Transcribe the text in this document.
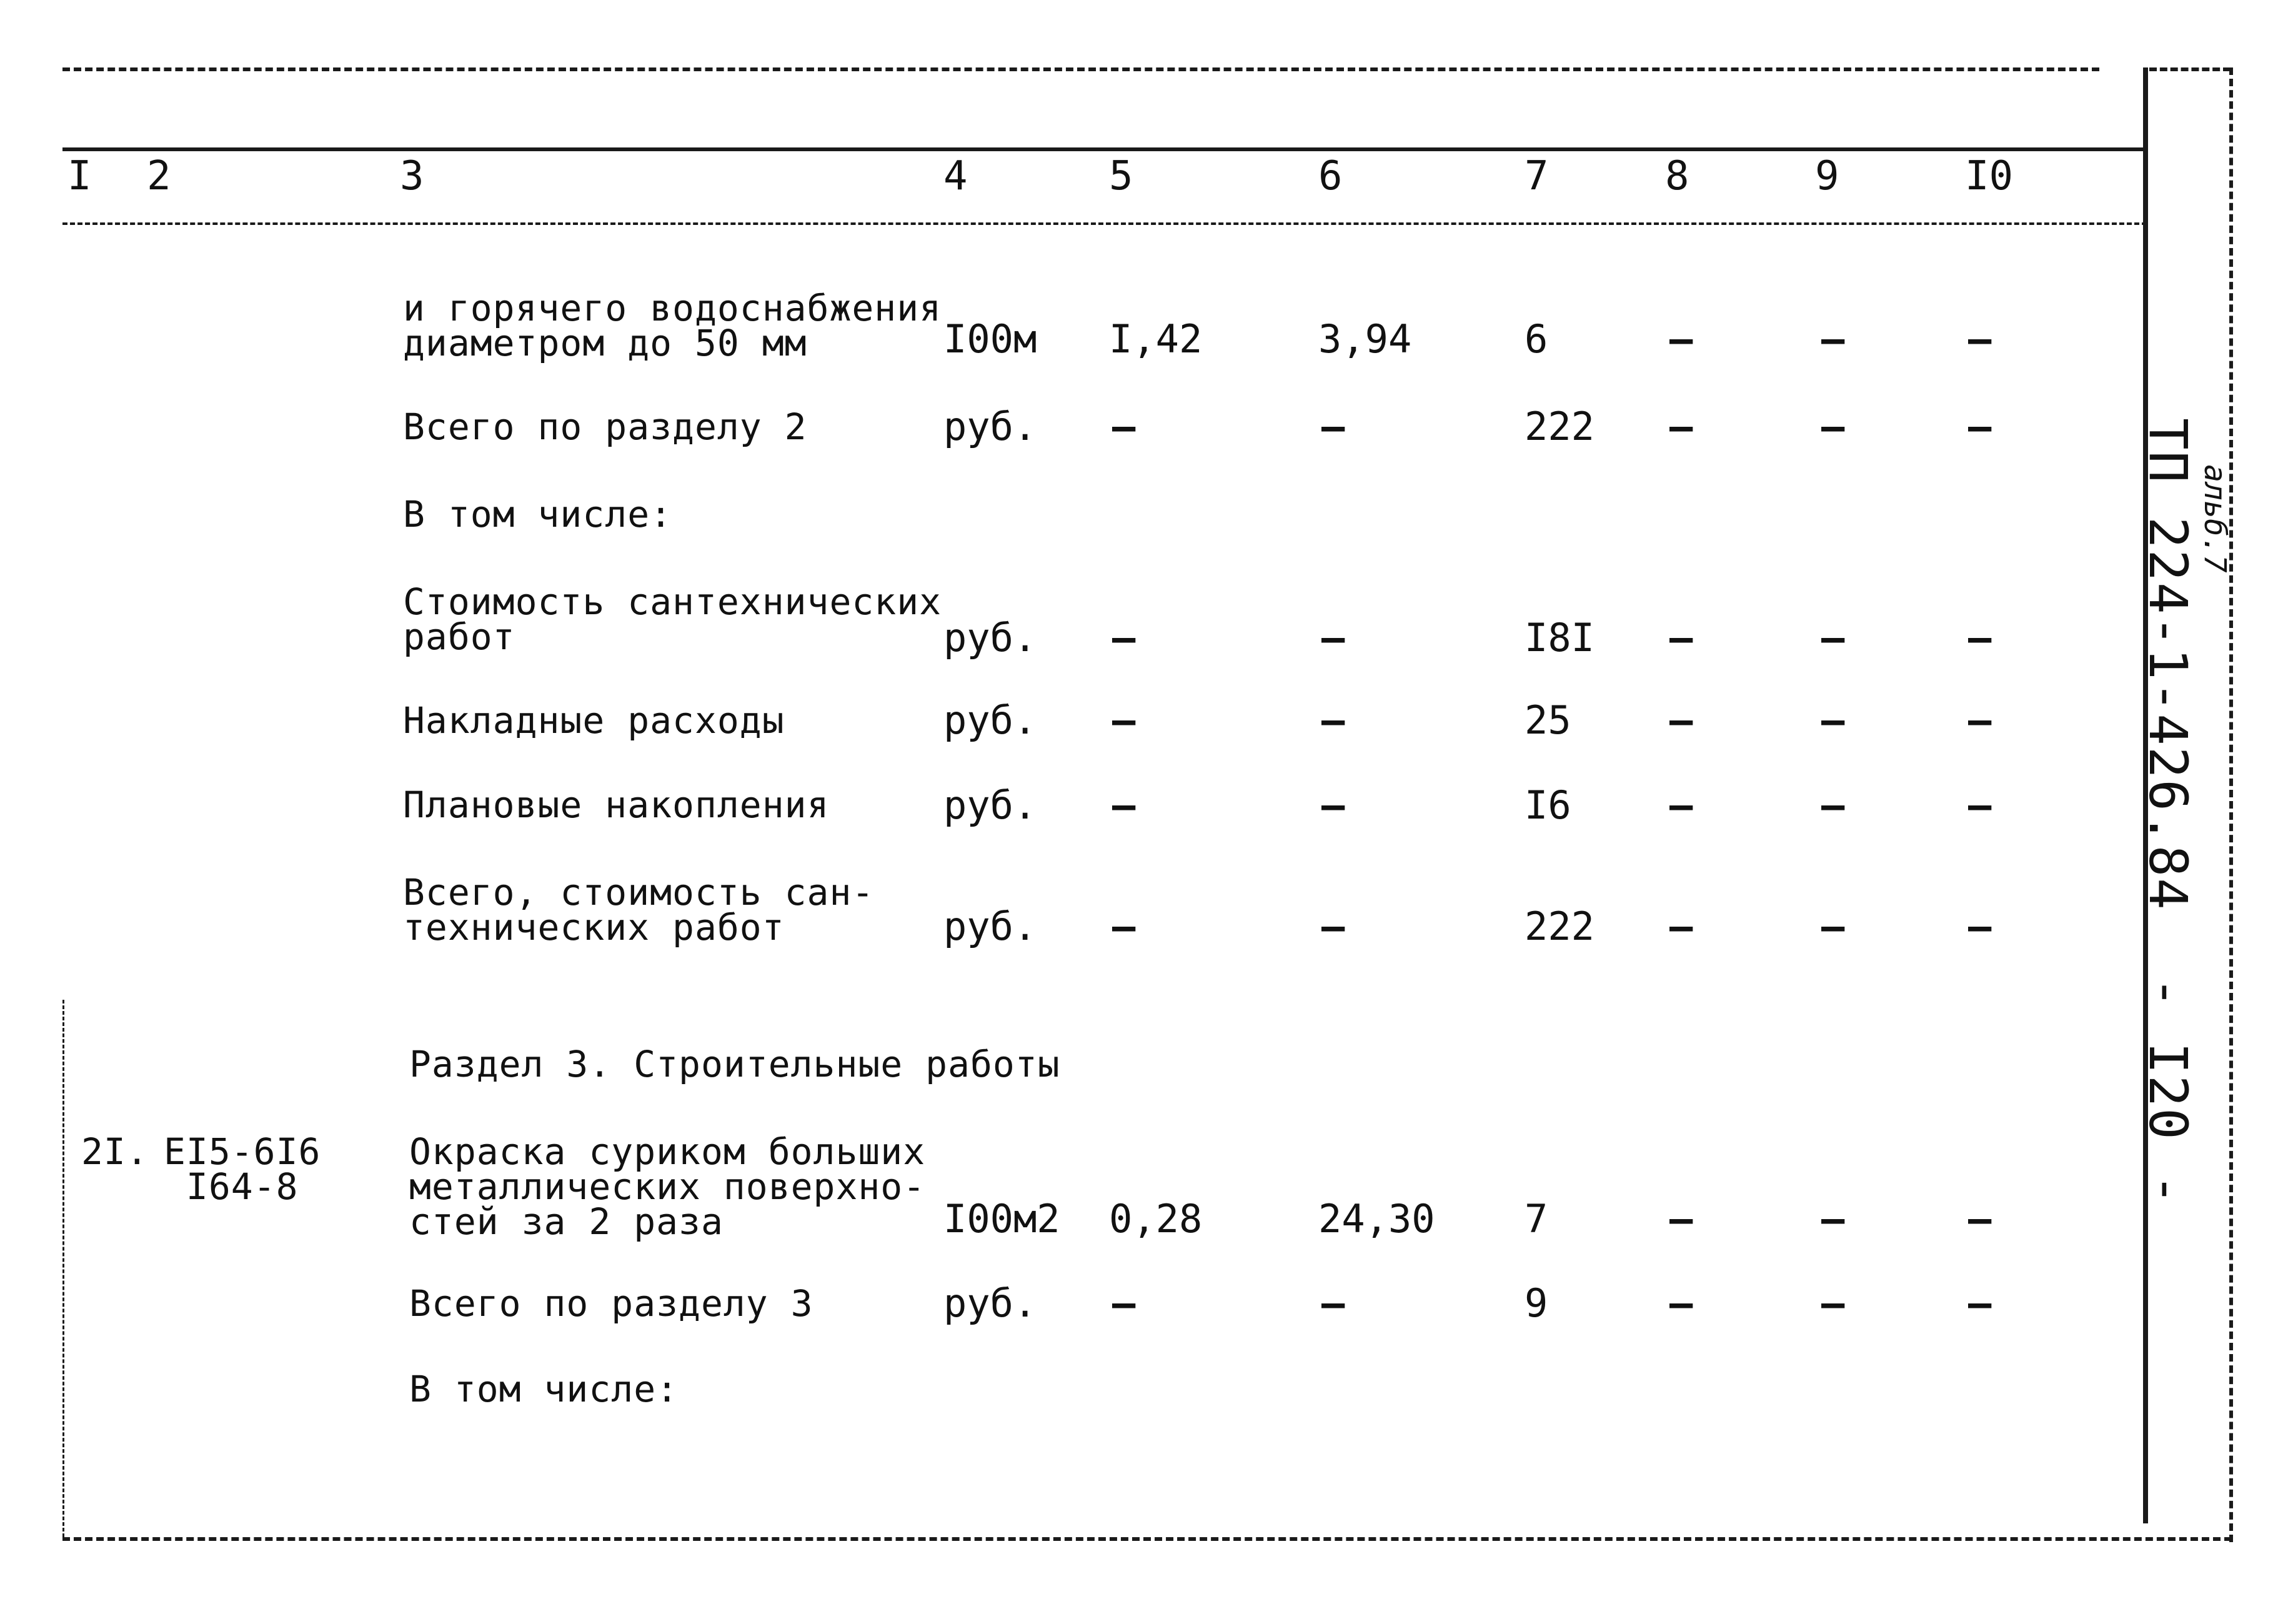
I 2	3	4	5	6	7	8	9	I0
и горячего водоснабжения
диаметром до 50 мм	I00м I,42	3,94	6	–	–	–
Всего по разделу 2	руб. –	–	222 –	–	–
В том числе:
Стоимость сантехнических
работ	руб. –	–	I8I –	–	–
Накладные расходы	руб. –	–	25	–	–	–
Плановые накопления	руб. –	–	I6	–	–	–
Всего, стоимость сан-
технических работ	руб. –	–	222 –	–	–
Раздел 3. Строительные работы
2I. EI5-6I6
I64-8
Окраска суриком больших
металлических поверхно-
стей за 2 раза	I00м2 0,28	24,30 7	–	–	–
Всего по разделу 3	руб. –	–	9	–	–	–
В том числе:
ТП 224-1-426.84  - I20 -
альб.7
